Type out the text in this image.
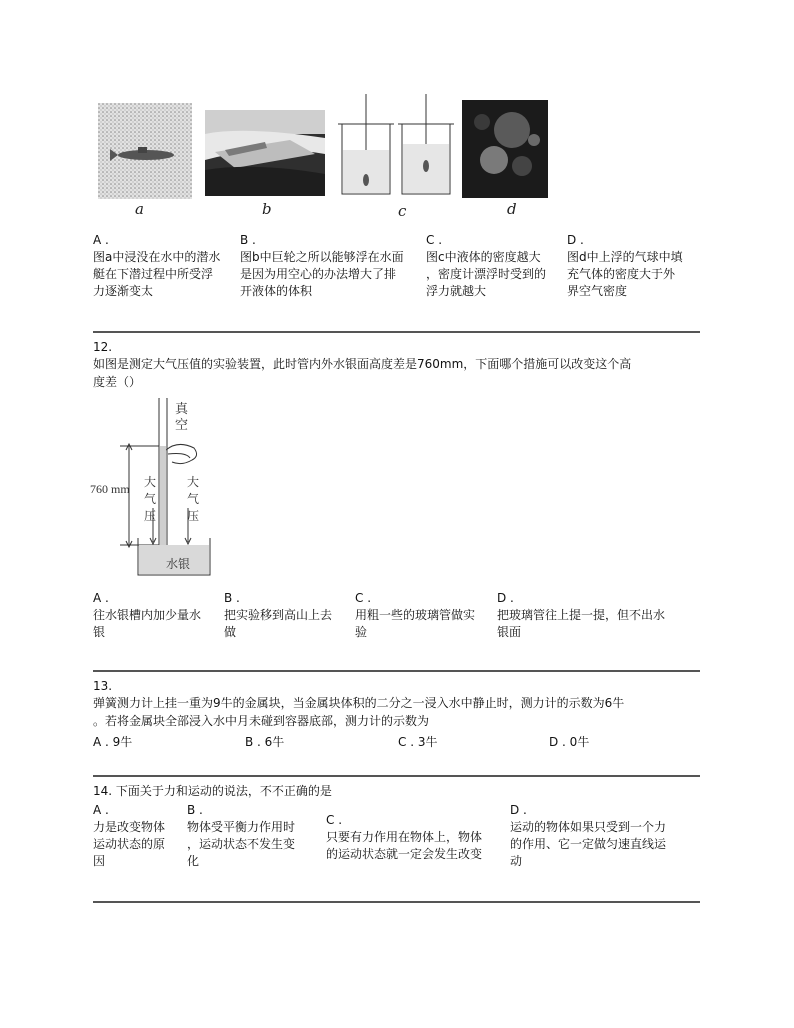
a	b	c	d
A .
图a中浸没在水中的潜水
艇在下潜过程中所受浮
力逐渐变太
B .
图b中巨轮之所以能够浮在水面
是因为用空心的办法增大了排
开液体的体积
C .
图c中液体的密度越大
，密度计漂浮时受到的
浮力就越大
D .
图d中上浮的气球中填
充气体的密度大于外
界空气密度
12.
如图是测定大气压值的实验装置，此时管内外水银面高度差是760mm，下面哪个措施可以改变这个高
度差（）
真空
760 mm 大气压
大气压
水银
A .
往水银槽内加少量水
银
B .
把实验移到高山上去
做
C .
用粗一些的玻璃管做实
验
D .
把玻璃管往上提一提，但不出水
银面
13.
弹簧测力计上挂一重为9牛的金属块，当金属块体积的二分之一浸入水中静止时，测力计的示数为6牛
。若将金属块全部浸入水中月未碰到容器底部，测力计的示数为
A . 9牛	B . 6牛	C . 3牛	D . 0牛
14. 下面关于力和运动的说法，不不正确的是
A .
力是改变物体
运动状态的原
因
B .
物体受平衡力作用时
，运动状态不发生变
化
C .
只要有力作用在物体上，物体
的运动状态就一定会发生改变
D .
运动的物体如果只受到一个力
的作用、它一定做匀速直线运
动
